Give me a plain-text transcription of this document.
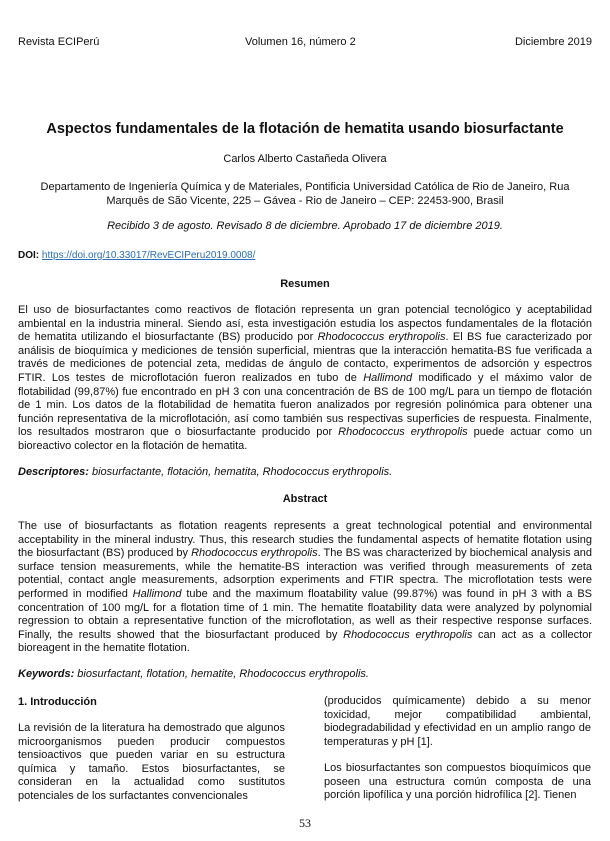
Revista ECIPerú	Volumen 16, número 2	Diciembre 2019
Aspectos fundamentales de la flotación de hematita usando biosurfactante
Carlos Alberto Castañeda Olivera
Departamento de Ingeniería Química y de Materiales, Pontificia Universidad Católica de Rio de Janeiro, Rua
Marquês de São Vicente, 225 – Gávea - Rio de Janeiro – CEP: 22453-900, Brasil
Recibido 3 de agosto. Revisado 8 de diciembre. Aprobado 17 de diciembre 2019.
DOI: https://doi.org/10.33017/RevECIPeru2019.0008/
Resumen

El uso de biosurfactantes como reactivos de flotación representa un gran potencial tecnológico y aceptabilidad ambiental en la industria mineral. Siendo así, esta investigación estudia los aspectos fundamentales de la flotación de hematita utilizando el biosurfactante (BS) producido por Rhodococcus erythropolis. El BS fue caracterizado por análisis de bioquímica y mediciones de tensión superficial, mientras que la interacción hematita-BS fue verificada a través de mediciones de potencial zeta, medidas de ángulo de contacto, experimentos de adsorción y espectros FTIR. Los testes de microflotación fueron realizados en tubo de Hallimond modificado y el máximo valor de flotabilidad (99,87%) fue encontrado en pH 3 con una concentración de BS de 100 mg/L para un tiempo de flotación de 1 min. Los datos de la flotabilidad de hematita fueron analizados por regresión polinómica para obtener una función representativa de la microflotación, así como también sus respectivas superficies de respuesta. Finalmente, los resultados mostraron que o biosurfactante producido por Rhodococcus erythropolis puede actuar como un bioreactivo colector en la flotación de hematita.

Descriptores: biosurfactante, flotación, hematita, Rhodococcus erythropolis.
Abstract

The use of biosurfactants as flotation reagents represents a great technological potential and environmental acceptability in the mineral industry. Thus, this research studies the fundamental aspects of hematite flotation using the biosurfactant (BS) produced by Rhodococcus erythropolis. The BS was characterized by biochemical analysis and surface tension measurements, while the hematite-BS interaction was verified through measurements of zeta potential, contact angle measurements, adsorption experiments and FTIR spectra. The microflotation tests were performed in modified Hallimond tube and the maximum floatability value (99.87%) was found in pH 3 with a BS concentration of 100 mg/L for a flotation time of 1 min. The hematite floatability data were analyzed by polynomial regression to obtain a representative function of the microflotation, as well as their respective response surfaces. Finally, the results showed that the biosurfactant produced by Rhodococcus erythropolis can act as a collector bioreagent in the hematite flotation.

Keywords: biosurfactant, flotation, hematite, Rhodococcus erythropolis.
1. Introducción

La revisión de la literatura ha demostrado que algunos microorganismos pueden producir compuestos tensioactivos que pueden variar en su estructura química y tamaño. Estos biosurfactantes, se consideran en la actualidad como sustitutos potenciales de los surfactantes convencionales

(producidos químicamente) debido a su menor toxicidad, mejor compatibilidad ambiental, biodegradabilidad y efectividad en un amplio rango de temperaturas y pH [1].

Los biosurfactantes son compuestos bioquímicos que poseen una estructura común composta de una porción lipofílica y una porción hidrofílica [2]. Tienen

53
